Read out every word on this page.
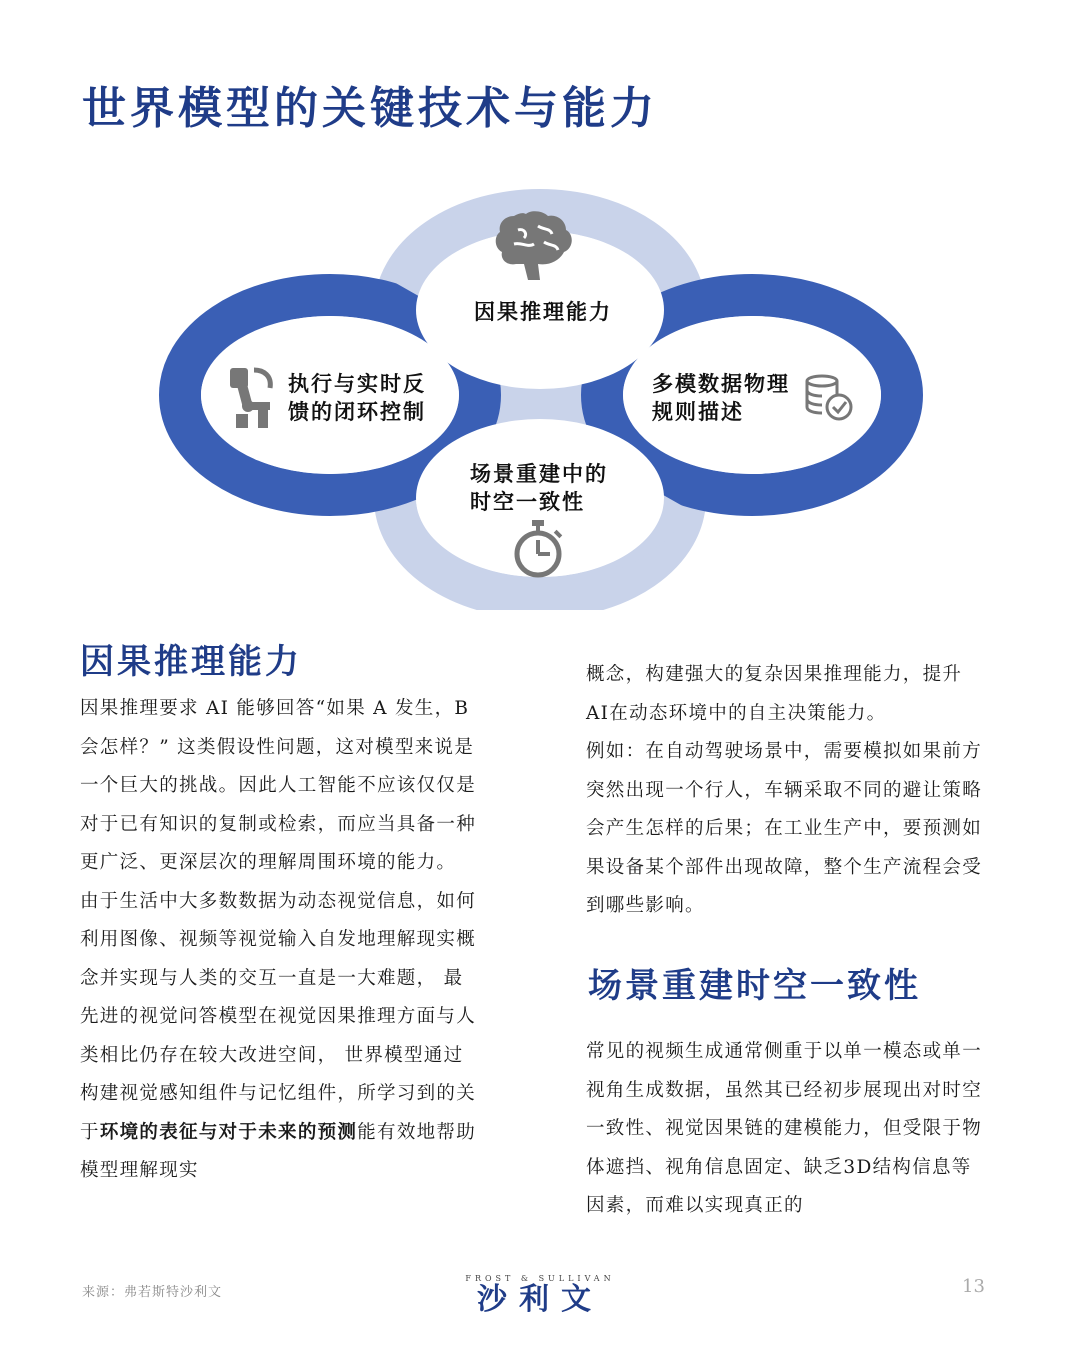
世界模型的关键技术与能力
因果推理能力
执行与实时反
馈的闭环控制
多模数据物理
规则描述
场景重建中的
时空一致性
因果推理能力

因果推理要求 AI 能够回答“如果 A 发生，B 会怎样？” 这类假设性问题，这对模型来说是一个巨大的挑战。因此人工智能不应该仅仅是对于已有知识的复制或检索，而应当具备一种更广泛、更深层次的理解周围环境的能力。

由于生活中大多数数据为动态视觉信息，如何利用图像、视频等视觉输入自发地理解现实概念并实现与人类的交互一直是一大难题， 最先进的视觉问答模型在视觉因果推理方面与人类相比仍存在较大改进空间， 世界模型通过构建视觉感知组件与记忆组件，所学习到的关于环境的表征与对于未来的预测能有效地帮助模型理解现实

概念，构建强大的复杂因果推理能力，提升AI在动态环境中的自主决策能力。

例如：在自动驾驶场景中，需要模拟如果前方突然出现一个行人，车辆采取不同的避让策略会产生怎样的后果；在工业生产中，要预测如果设备某个部件出现故障，整个生产流程会受到哪些影响。

场景重建时空一致性

常见的视频生成通常侧重于以单一模态或单一视角生成数据，虽然其已经初步展现出对时空一致性、视觉因果链的建模能力，但受限于物体遮挡、视角信息固定、缺乏3D结构信息等因素，而难以实现真正的

来源：弗若斯特沙利文
FROST & SULLIVAN
沙利文	13
